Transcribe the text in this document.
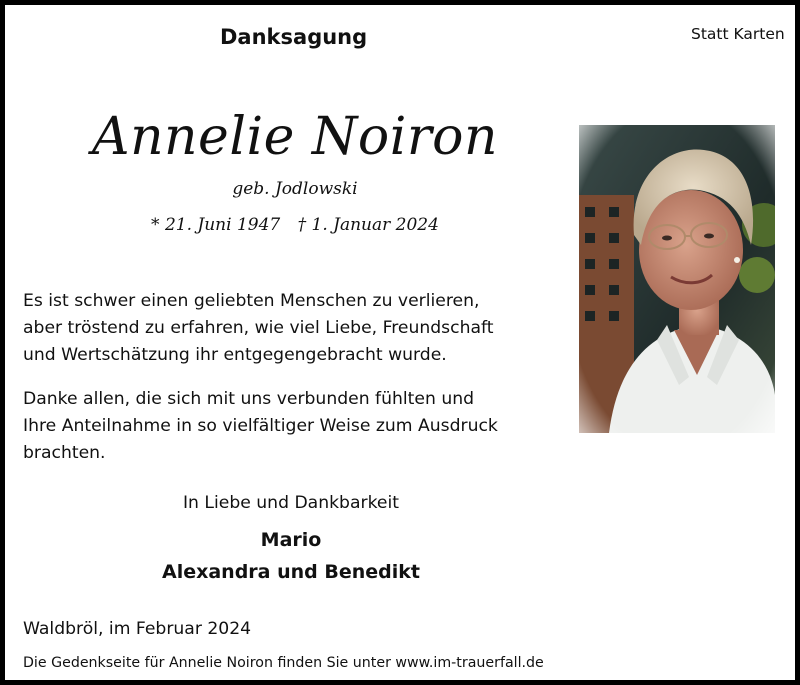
Danksagung	Statt Karten
Annelie Noiron
geb. Jodlowski
* 21. Juni 1947 † 1. Januar 2024
Es ist schwer einen geliebten Menschen zu verlieren,
aber tröstend zu erfahren, wie viel Liebe, Freundschaft
und Wertschätzung ihr entgegengebracht wurde.
Danke allen, die sich mit uns verbunden fühlten und
Ihre Anteilnahme in so vielfältiger Weise zum Ausdruck
brachten.
In Liebe und Dankbarkeit
Mario
Alexandra und Benedikt
Waldbröl, im Februar 2024
Die Gedenkseite für Annelie Noiron finden Sie unter www.im-trauerfall.de
